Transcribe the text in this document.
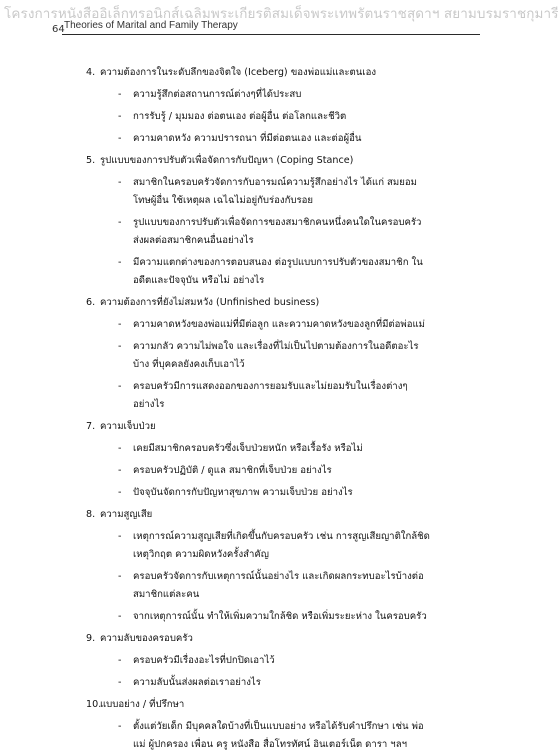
โครงการหนังสืออิเล็กทรอนิกส์เฉลิมพระเกียรติสมเด็จพระเทพรัตนราชสุดาฯ สยามบรมราชกุมารี
64 Theories of Marital and Family Therapy
4. ความต้องการในระดับลึกของจิตใจ (Iceberg) ของพ่อแม่และตนเอง
- ความรู้สึกต่อสถานการณ์ต่างๆที่ได้ประสบ
- การรับรู้ / มุมมอง ต่อตนเอง ต่อผู้อื่น ต่อโลกและชีวิต
- ความคาดหวัง ความปรารถนา ที่มีต่อตนเอง และต่อผู้อื่น
5. รูปแบบของการปรับตัวเพื่อจัดการกับปัญหา (Coping Stance)
- สมาชิกในครอบครัวจัดการกับอารมณ์ความรู้สึกอย่างไร ได้แก่ สมยอม โทษผู้อื่น ใช้เหตุผล เฉไฉไม่อยู่กับร่องกับรอย
- รูปแบบของการปรับตัวเพื่อจัดการของสมาชิกคนหนึ่งคนใดในครอบครัว ส่งผลต่อสมาชิกคนอื่นอย่างไร
- มีความแตกต่างของการตอบสนอง ต่อรูปแบบการปรับตัวของสมาชิก ในอดีตและปัจจุบัน หรือไม่ อย่างไร
6. ความต้องการที่ยังไม่สมหวัง (Unfinished business)
- ความคาดหวังของพ่อแม่ที่มีต่อลูก และความคาดหวังของลูกที่มีต่อพ่อแม่
- ความกลัว ความไม่พอใจ และเรื่องที่ไม่เป็นไปตามต้องการในอดีตอะไรบ้าง ที่บุคคลยังคงเก็บเอาไว้
- ครอบครัวมีการแสดงออกของการยอมรับและไม่ยอมรับในเรื่องต่างๆอย่างไร
7. ความเจ็บป่วย
- เคยมีสมาชิกครอบครัวซึ่งเจ็บป่วยหนัก หรือเรื้อรัง หรือไม่
- ครอบครัวปฏิบัติ / ดูแล สมาชิกที่เจ็บป่วย อย่างไร
- ปัจจุบันจัดการกับปัญหาสุขภาพ ความเจ็บป่วย อย่างไร
8. ความสูญเสีย
- เหตุการณ์ความสูญเสียที่เกิดขึ้นกับครอบครัว เช่น การสูญเสียญาติใกล้ชิด เหตุวิกฤต ความผิดหวังครั้งสำคัญ
- ครอบครัวจัดการกับเหตุการณ์นั้นอย่างไร และเกิดผลกระทบอะไรบ้างต่อสมาชิกแต่ละคน
- จากเหตุการณ์นั้น ทำให้เพิ่มความใกล้ชิด หรือเพิ่มระยะห่าง ในครอบครัว
9. ความลับของครอบครัว
- ครอบครัวมีเรื่องอะไรที่ปกปิดเอาไว้
- ความลับนั้นส่งผลต่อเราอย่างไร
10.
แบบอย่าง / ที่ปรึกษา
- ตั้งแต่วัยเด็ก มีบุคคลใดบ้างที่เป็นแบบอย่าง หรือได้รับคำปรึกษา เช่น พ่อแม่ ผู้ปกครอง เพื่อน ครู หนังสือ สื่อโทรทัศน์ อินเตอร์เน็ต ดารา ฯลฯ
